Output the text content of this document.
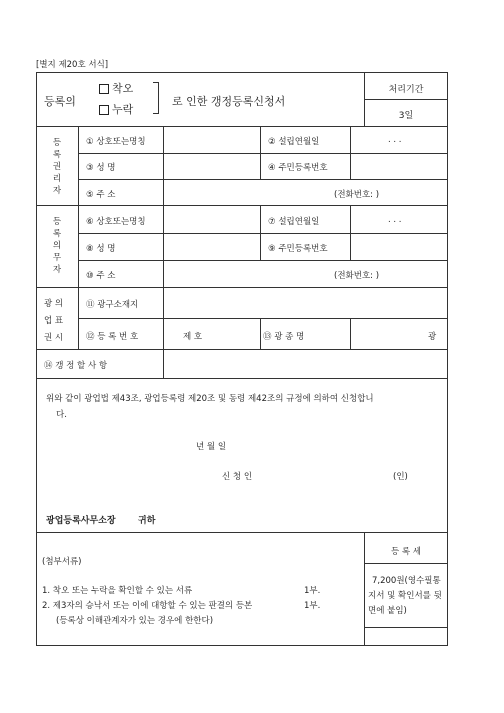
[별지 제20호 서식]
등록의
착오
누락
로 인한 갱정등록신청서
처리기간
3일
등록권리자
① 상호또는명칭	② 설립연월일	. . .
③ 성 명	④ 주민등록번호
⑤ 주 소	(전화번호: )
등록의무자
⑥ 상호또는명칭	⑦ 설립연월일	. . .
⑧ 성 명	⑨ 주민등록번호
⑩ 주 소	(전화번호: )
광 의
업 표
권 시
⑪ 광구소재지
⑫ 등 록 번 호	제 호	⑬ 광 종 명	광
⑭ 갱 정 할 사 항
위와 같이 광업법 제43조, 광업등록령 제20조 및 동령 제42조의 규정에 의하여 신청합니
다.
년 월 일
신 청 인	(인)
광업등록사무소장 귀하
등 록 세
7,200원(영수필통
지서 및 확인서를 뒷
면에 붙임)
(첨부서류)
1. 착오 또는 누락을 확인할 수 있는 서류	1부.
2. 제3자의 승낙서 또는 이에 대항할 수 있는 판결의 등본	1부.
(등록상 이해관계자가 있는 경우에 한한다)
